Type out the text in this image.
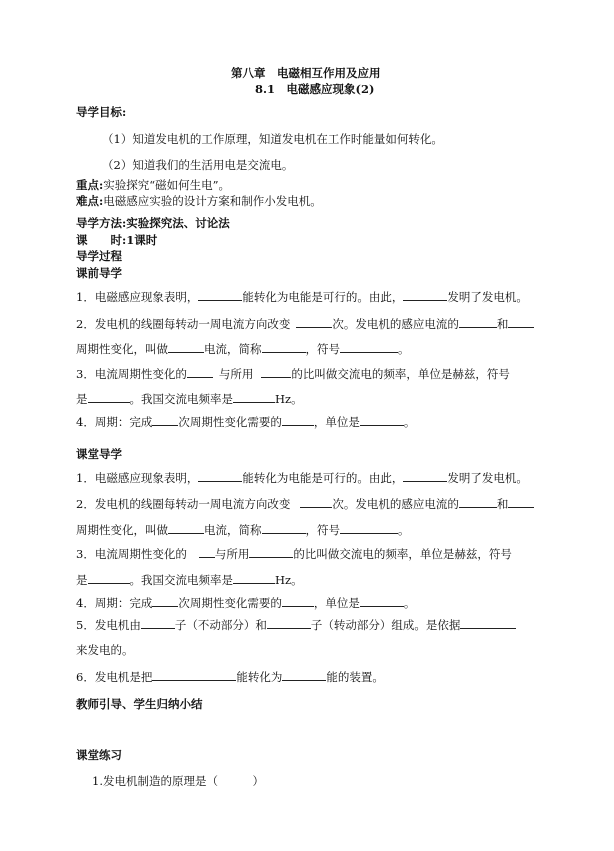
第八章　电磁相互作用及应用
8.1　电磁感应现象(2)
导学目标:
（1）知道发电机的工作原理，知道发电机在工作时能量如何转化。
（2）知道我们的生活用电是交流电。
重点:实验探究“磁如何生电”。
难点:电磁感应实验的设计方案和制作小发电机。
导学方法:实验探究法、讨论法
课　　时:1课时
导学过程
课前导学
1．电磁感应现象表明，	能转化为电能是可行的。由此，	发明了发电机。
2．发电机的线圈每转动一周电流方向改变	次。发电机的感应电流的	和
周期性变化，叫做	电流，简称	，符号	。
3．电流周期性变化的	与所用	的比叫做交流电的频率，单位是赫兹，符号
是	。我国交流电频率是	Hz。
4．周期：完成 次周期性变化需要的	，单位是	。
课堂导学
1．电磁感应现象表明，	能转化为电能是可行的。由此，	发明了发电机。
2．发电机的线圈每转动一周电流方向改变	次。发电机的感应电流的	和
周期性变化，叫做	电流，简称	，符号	。
3．电流周期性变化的 与所用	的比叫做交流电的频率，单位是赫兹，符号
是	。我国交流电频率是	Hz。
4．周期：完成 次周期性变化需要的	，单位是	。
5．发电机由	子（不动部分）和	子（转动部分）组成。是依据
来发电的。
6．发电机是把	能转化为	能的装置。
教师引导、学生归纳小结
课堂练习
1.发电机制造的原理是（　　　）
